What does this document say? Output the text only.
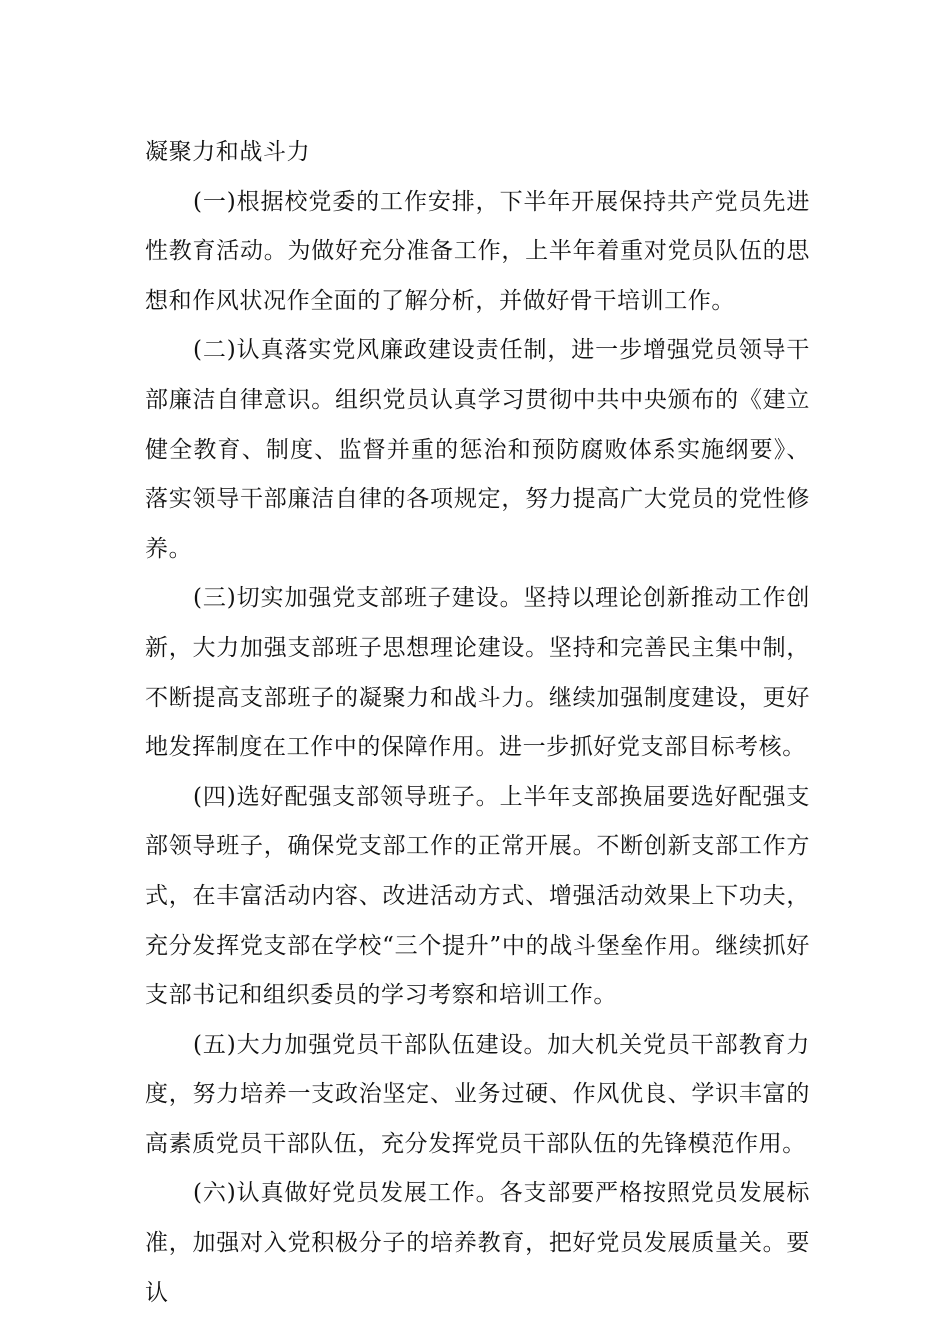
凝聚力和战斗力

(一)根据校党委的工作安排，下半年开展保持共产党员先进性教育活动。为做好充分准备工作，上半年着重对党员队伍的思想和作风状况作全面的了解分析，并做好骨干培训工作。

(二)认真落实党风廉政建设责任制，进一步增强党员领导干部廉洁自律意识。组织党员认真学习贯彻中共中央颁布的《建立健全教育、制度、监督并重的惩治和预防腐败体系实施纲要》、落实领导干部廉洁自律的各项规定，努力提高广大党员的党性修养。

(三)切实加强党支部班子建设。坚持以理论创新推动工作创新，大力加强支部班子思想理论建设。坚持和完善民主集中制，不断提高支部班子的凝聚力和战斗力。继续加强制度建设，更好地发挥制度在工作中的保障作用。进一步抓好党支部目标考核。

(四)选好配强支部领导班子。上半年支部换届要选好配强支部领导班子，确保党支部工作的正常开展。不断创新支部工作方式，在丰富活动内容、改进活动方式、增强活动效果上下功夫，充分发挥党支部在学校“三个提升”中的战斗堡垒作用。继续抓好支部书记和组织委员的学习考察和培训工作。

(五)大力加强党员干部队伍建设。加大机关党员干部教育力度，努力培养一支政治坚定、业务过硬、作风优良、学识丰富的高素质党员干部队伍，充分发挥党员干部队伍的先锋模范作用。

(六)认真做好党员发展工作。各支部要严格按照党员发展标准，加强对入党积极分子的培养教育，把好党员发展质量关。要认
